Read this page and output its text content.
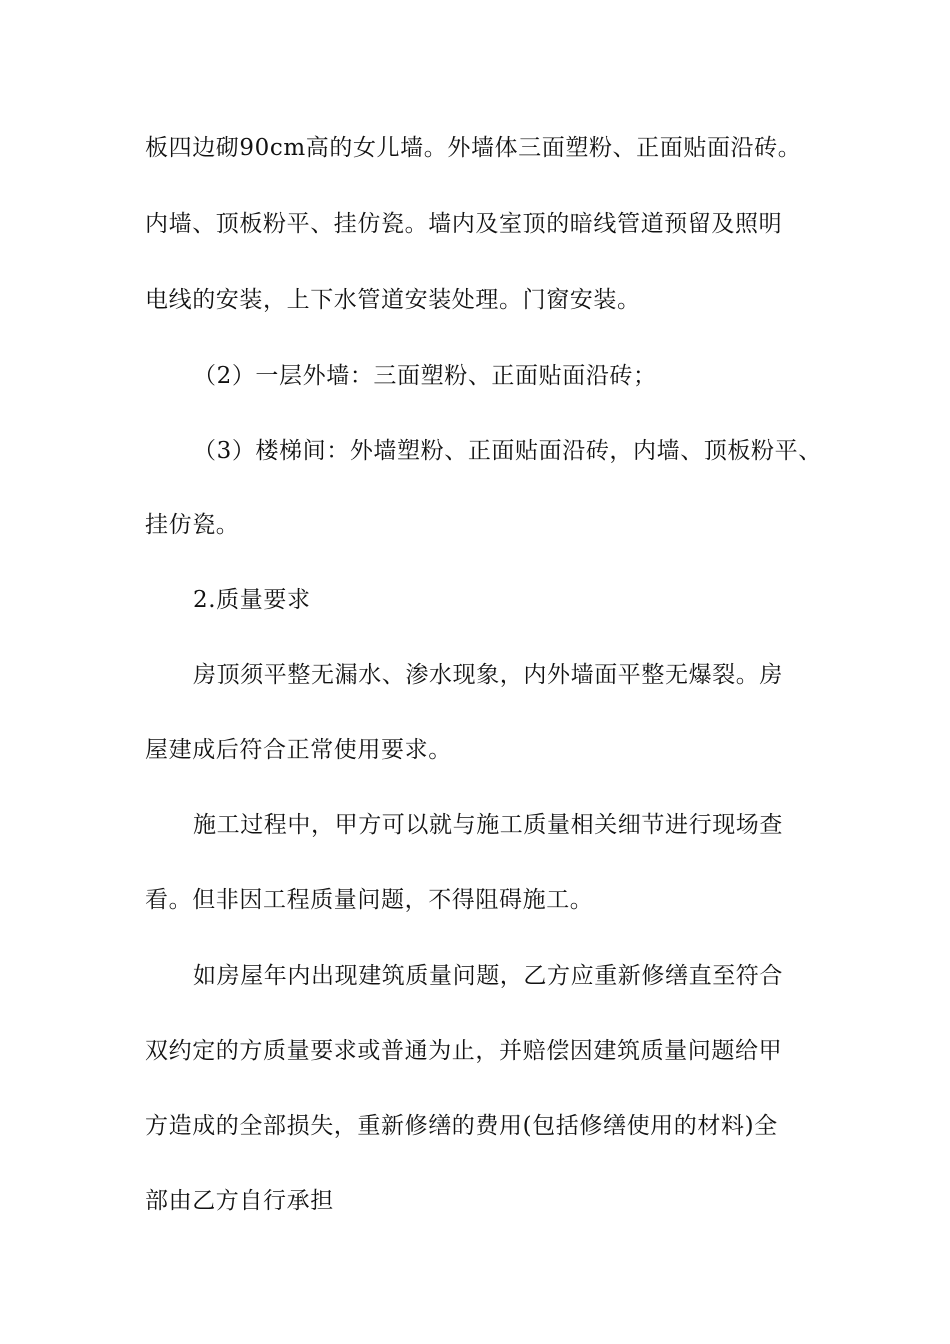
板四边砌90cm高的女儿墙。外墙体三面塑粉、正面贴面沿砖。
内墙、顶板粉平、挂仿瓷。墙内及室顶的暗线管道预留及照明
电线的安装，上下水管道安装处理。门窗安装。
（2）一层外墙：三面塑粉、正面贴面沿砖；
（3）楼梯间：外墙塑粉、正面贴面沿砖，内墙、顶板粉平、
挂仿瓷。
2.质量要求
房顶须平整无漏水、渗水现象，内外墙面平整无爆裂。房
屋建成后符合正常使用要求。
施工过程中，甲方可以就与施工质量相关细节进行现场查
看。但非因工程质量问题，不得阻碍施工。
如房屋年内出现建筑质量问题，乙方应重新修缮直至符合
双约定的方质量要求或普通为止，并赔偿因建筑质量问题给甲
方造成的全部损失，重新修缮的费用(包括修缮使用的材料)全
部由乙方自行承担
